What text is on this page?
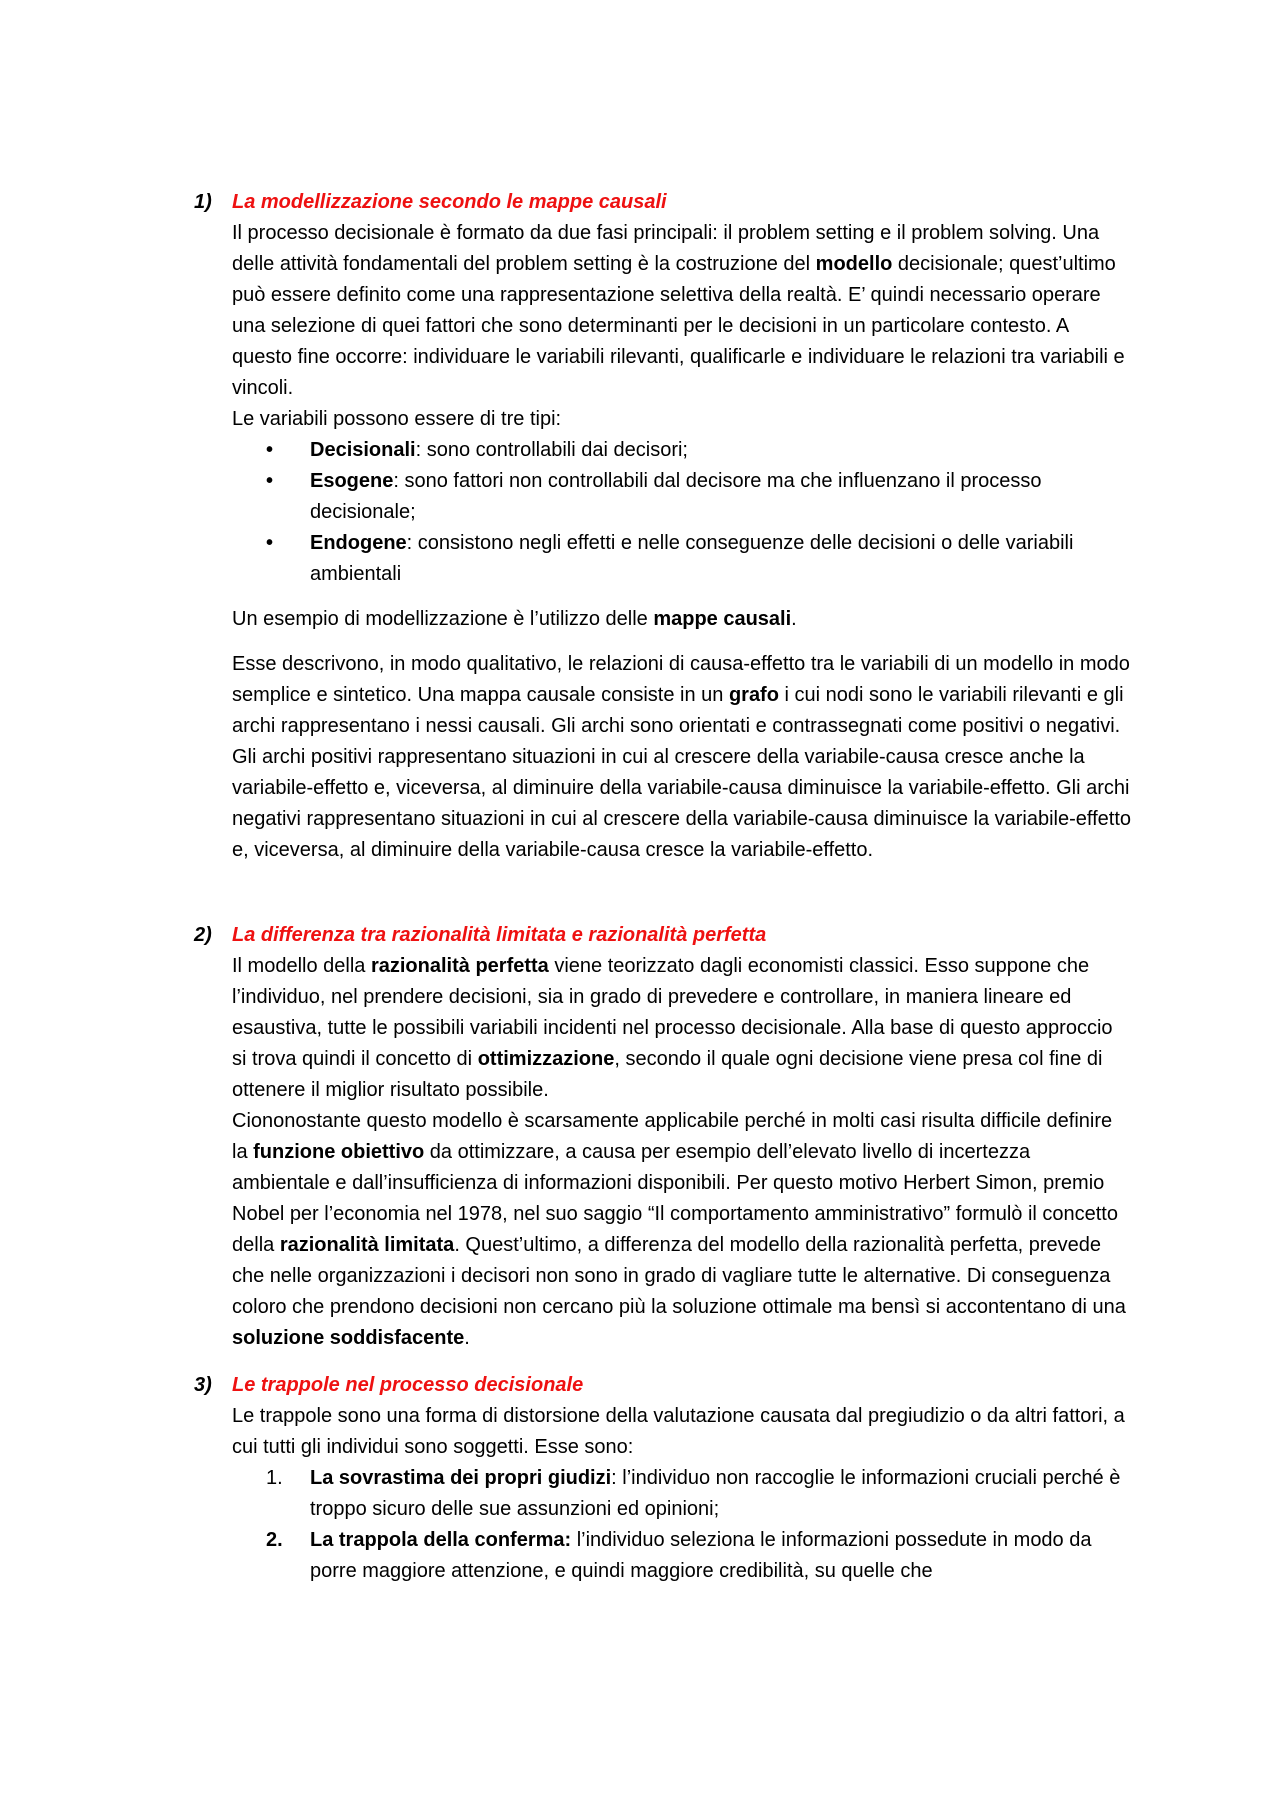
1) La modellizzazione secondo le mappe causali

Il processo decisionale è formato da due fasi principali: il problem setting e il problem solving. Una delle attività fondamentali del problem setting è la costruzione del modello decisionale; quest’ultimo può essere definito come una rappresentazione selettiva della realtà. E’ quindi necessario operare una selezione di quei fattori che sono determinanti per le decisioni in un particolare contesto. A questo fine occorre: individuare le variabili rilevanti, qualificarle e individuare le relazioni tra variabili e vincoli.

Le variabili possono essere di tre tipi:

• Decisionali: sono controllabili dai decisori;
• Esogene: sono fattori non controllabili dal decisore ma che influenzano il processo decisionale;
• Endogene: consistono negli effetti e nelle conseguenze delle decisioni o delle variabili ambientali

Un esempio di modellizzazione è l’utilizzo delle mappe causali.

Esse descrivono, in modo qualitativo, le relazioni di causa-effetto tra le variabili di un modello in modo semplice e sintetico. Una mappa causale consiste in un grafo i cui nodi sono le variabili rilevanti e gli archi rappresentano i nessi causali. Gli archi sono orientati e contrassegnati come positivi o negativi. Gli archi positivi rappresentano situazioni in cui al crescere della variabile-causa cresce anche la variabile-effetto e, viceversa, al diminuire della variabile-causa diminuisce la variabile-effetto. Gli archi negativi rappresentano situazioni in cui al crescere della variabile-causa diminuisce la variabile-effetto e, viceversa, al diminuire della variabile-causa cresce la variabile-effetto.

2) La differenza tra razionalità limitata e razionalità perfetta

Il modello della razionalità perfetta viene teorizzato dagli economisti classici. Esso suppone che l’individuo, nel prendere decisioni, sia in grado di prevedere e controllare, in maniera lineare ed esaustiva, tutte le possibili variabili incidenti nel processo decisionale. Alla base di questo approccio si trova quindi il concetto di ottimizzazione, secondo il quale ogni decisione viene presa col fine di ottenere il miglior risultato possibile.

Ciononostante questo modello è scarsamente applicabile perché in molti casi risulta difficile definire la funzione obiettivo da ottimizzare, a causa per esempio dell’elevato livello di incertezza ambientale e dall’insufficienza di informazioni disponibili. Per questo motivo Herbert Simon, premio Nobel per l’economia nel 1978, nel suo saggio “Il comportamento amministrativo” formulò il concetto della razionalità limitata. Quest’ultimo, a differenza del modello della razionalità perfetta, prevede che nelle organizzazioni i decisori non sono in grado di vagliare tutte le alternative. Di conseguenza coloro che prendono decisioni non cercano più la soluzione ottimale ma bensì si accontentano di una soluzione soddisfacente.

3) Le trappole nel processo decisionale

Le trappole sono una forma di distorsione della valutazione causata dal pregiudizio o da altri fattori, a cui tutti gli individui sono soggetti. Esse sono:

1. La sovrastima dei propri giudizi: l’individuo non raccoglie le informazioni cruciali perché è troppo sicuro delle sue assunzioni ed opinioni;
2. La trappola della conferma: l’individuo seleziona le informazioni possedute in modo da porre maggiore attenzione, e quindi maggiore credibilità, su quelle che
